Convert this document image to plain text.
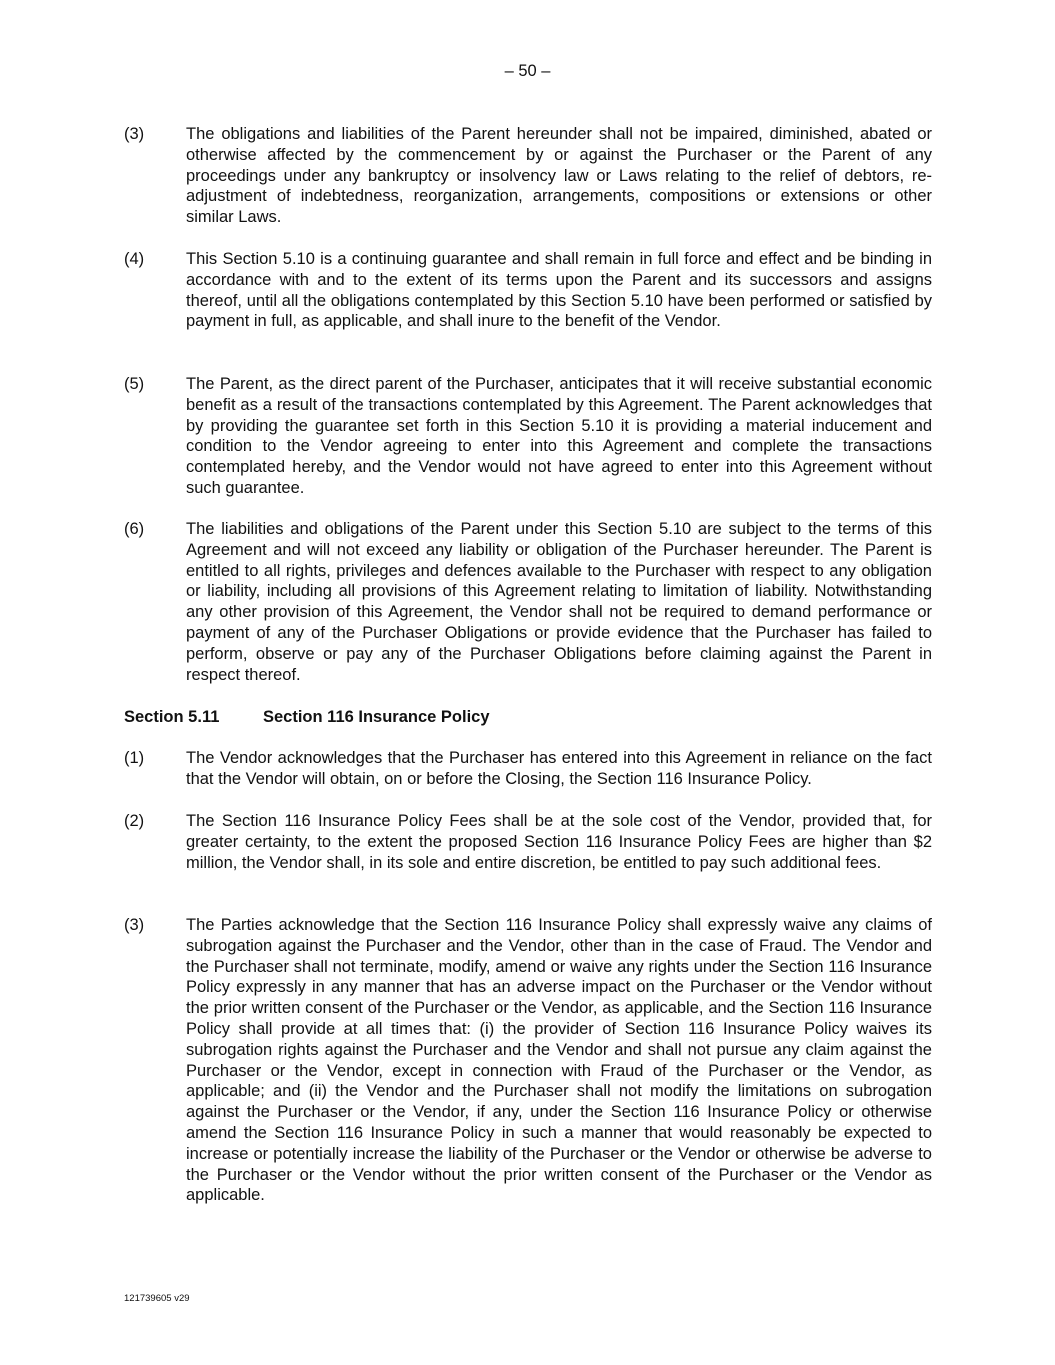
– 50 –
(3)	The obligations and liabilities of the Parent hereunder shall not be impaired, diminished, abated or otherwise affected by the commencement by or against the Purchaser or the Parent of any proceedings under any bankruptcy or insolvency law or Laws relating to the relief of debtors, re-adjustment of indebtedness, reorganization, arrangements, compositions or extensions or other similar Laws.
(4)	This Section 5.10 is a continuing guarantee and shall remain in full force and effect and be binding in accordance with and to the extent of its terms upon the Parent and its successors and assigns thereof, until all the obligations contemplated by this Section 5.10 have been performed or satisfied by payment in full, as applicable, and shall inure to the benefit of the Vendor.
(5)	The Parent, as the direct parent of the Purchaser, anticipates that it will receive substantial economic benefit as a result of the transactions contemplated by this Agreement. The Parent acknowledges that by providing the guarantee set forth in this Section 5.10 it is providing a material inducement and condition to the Vendor agreeing to enter into this Agreement and complete the transactions contemplated hereby, and the Vendor would not have agreed to enter into this Agreement without such guarantee.
(6)	The liabilities and obligations of the Parent under this Section 5.10 are subject to the terms of this Agreement and will not exceed any liability or obligation of the Purchaser hereunder. The Parent is entitled to all rights, privileges and defences available to the Purchaser with respect to any obligation or liability, including all provisions of this Agreement relating to limitation of liability. Notwithstanding any other provision of this Agreement, the Vendor shall not be required to demand performance or payment of any of the Purchaser Obligations or provide evidence that the Purchaser has failed to perform, observe or pay any of the Purchaser Obligations before claiming against the Parent in respect thereof.
Section 5.11	Section 116 Insurance Policy
(1)	The Vendor acknowledges that the Purchaser has entered into this Agreement in reliance on the fact that the Vendor will obtain, on or before the Closing, the Section 116 Insurance Policy.
(2)	The Section 116 Insurance Policy Fees shall be at the sole cost of the Vendor, provided that, for greater certainty, to the extent the proposed Section 116 Insurance Policy Fees are higher than $2 million, the Vendor shall, in its sole and entire discretion, be entitled to pay such additional fees.
(3)	The Parties acknowledge that the Section 116 Insurance Policy shall expressly waive any claims of subrogation against the Purchaser and the Vendor, other than in the case of Fraud. The Vendor and the Purchaser shall not terminate, modify, amend or waive any rights under the Section 116 Insurance Policy expressly in any manner that has an adverse impact on the Purchaser or the Vendor without the prior written consent of the Purchaser or the Vendor, as applicable, and the Section 116 Insurance Policy shall provide at all times that: (i) the provider of Section 116 Insurance Policy waives its subrogation rights against the Purchaser and the Vendor and shall not pursue any claim against the Purchaser or the Vendor, except in connection with Fraud of the Purchaser or the Vendor, as applicable; and (ii) the Vendor and the Purchaser shall not modify the limitations on subrogation against the Purchaser or the Vendor, if any, under the Section 116 Insurance Policy or otherwise amend the Section 116 Insurance Policy in such a manner that would reasonably be expected to increase or potentially increase the liability of the Purchaser or the Vendor or otherwise be adverse to the Purchaser or the Vendor without the prior written consent of the Purchaser or the Vendor as applicable.
121739605 v29
